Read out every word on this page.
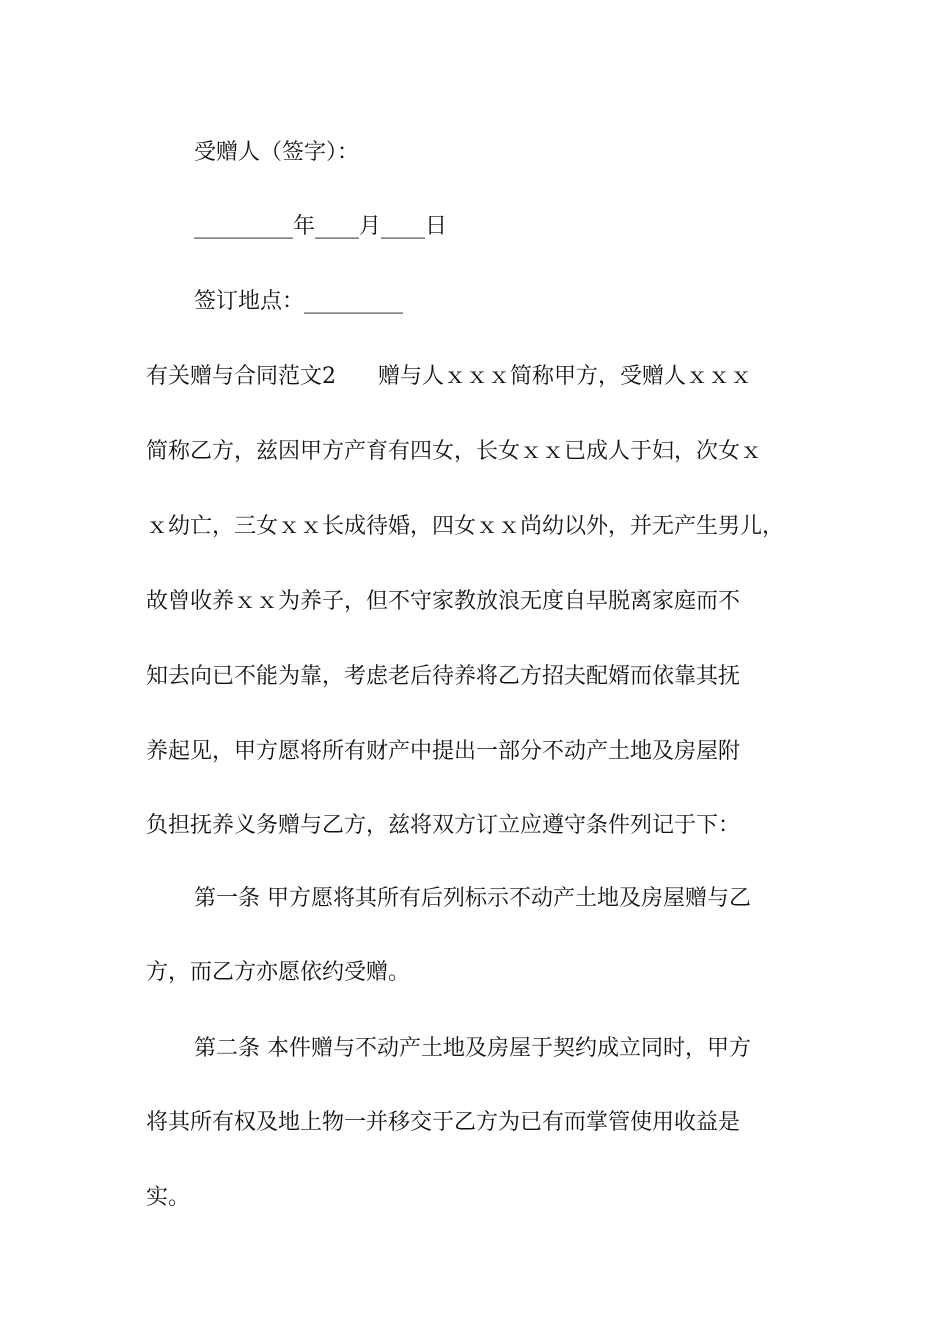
受赠人（签字）：
_________年____月____日
签订地点：_________
有关赠与合同范文2      赠与人ｘｘｘ简称甲方，受赠人ｘｘｘ
简称乙方，兹因甲方产育有四女，长女ｘｘ已成人于妇，次女ｘ
ｘ幼亡，三女ｘｘ长成待婚，四女ｘｘ尚幼以外，并无产生男儿，
故曾收养ｘｘ为养子，但不守家教放浪无度自早脱离家庭而不
知去向已不能为靠，考虑老后待养将乙方招夫配婿而依靠其抚
养起见，甲方愿将所有财产中提出一部分不动产土地及房屋附
负担抚养义务赠与乙方，兹将双方订立应遵守条件列记于下：
第一条 甲方愿将其所有后列标示不动产土地及房屋赠与乙
方，而乙方亦愿依约受赠。
第二条 本件赠与不动产土地及房屋于契约成立同时，甲方
将其所有权及地上物一并移交于乙方为已有而掌管使用收益是
实。
